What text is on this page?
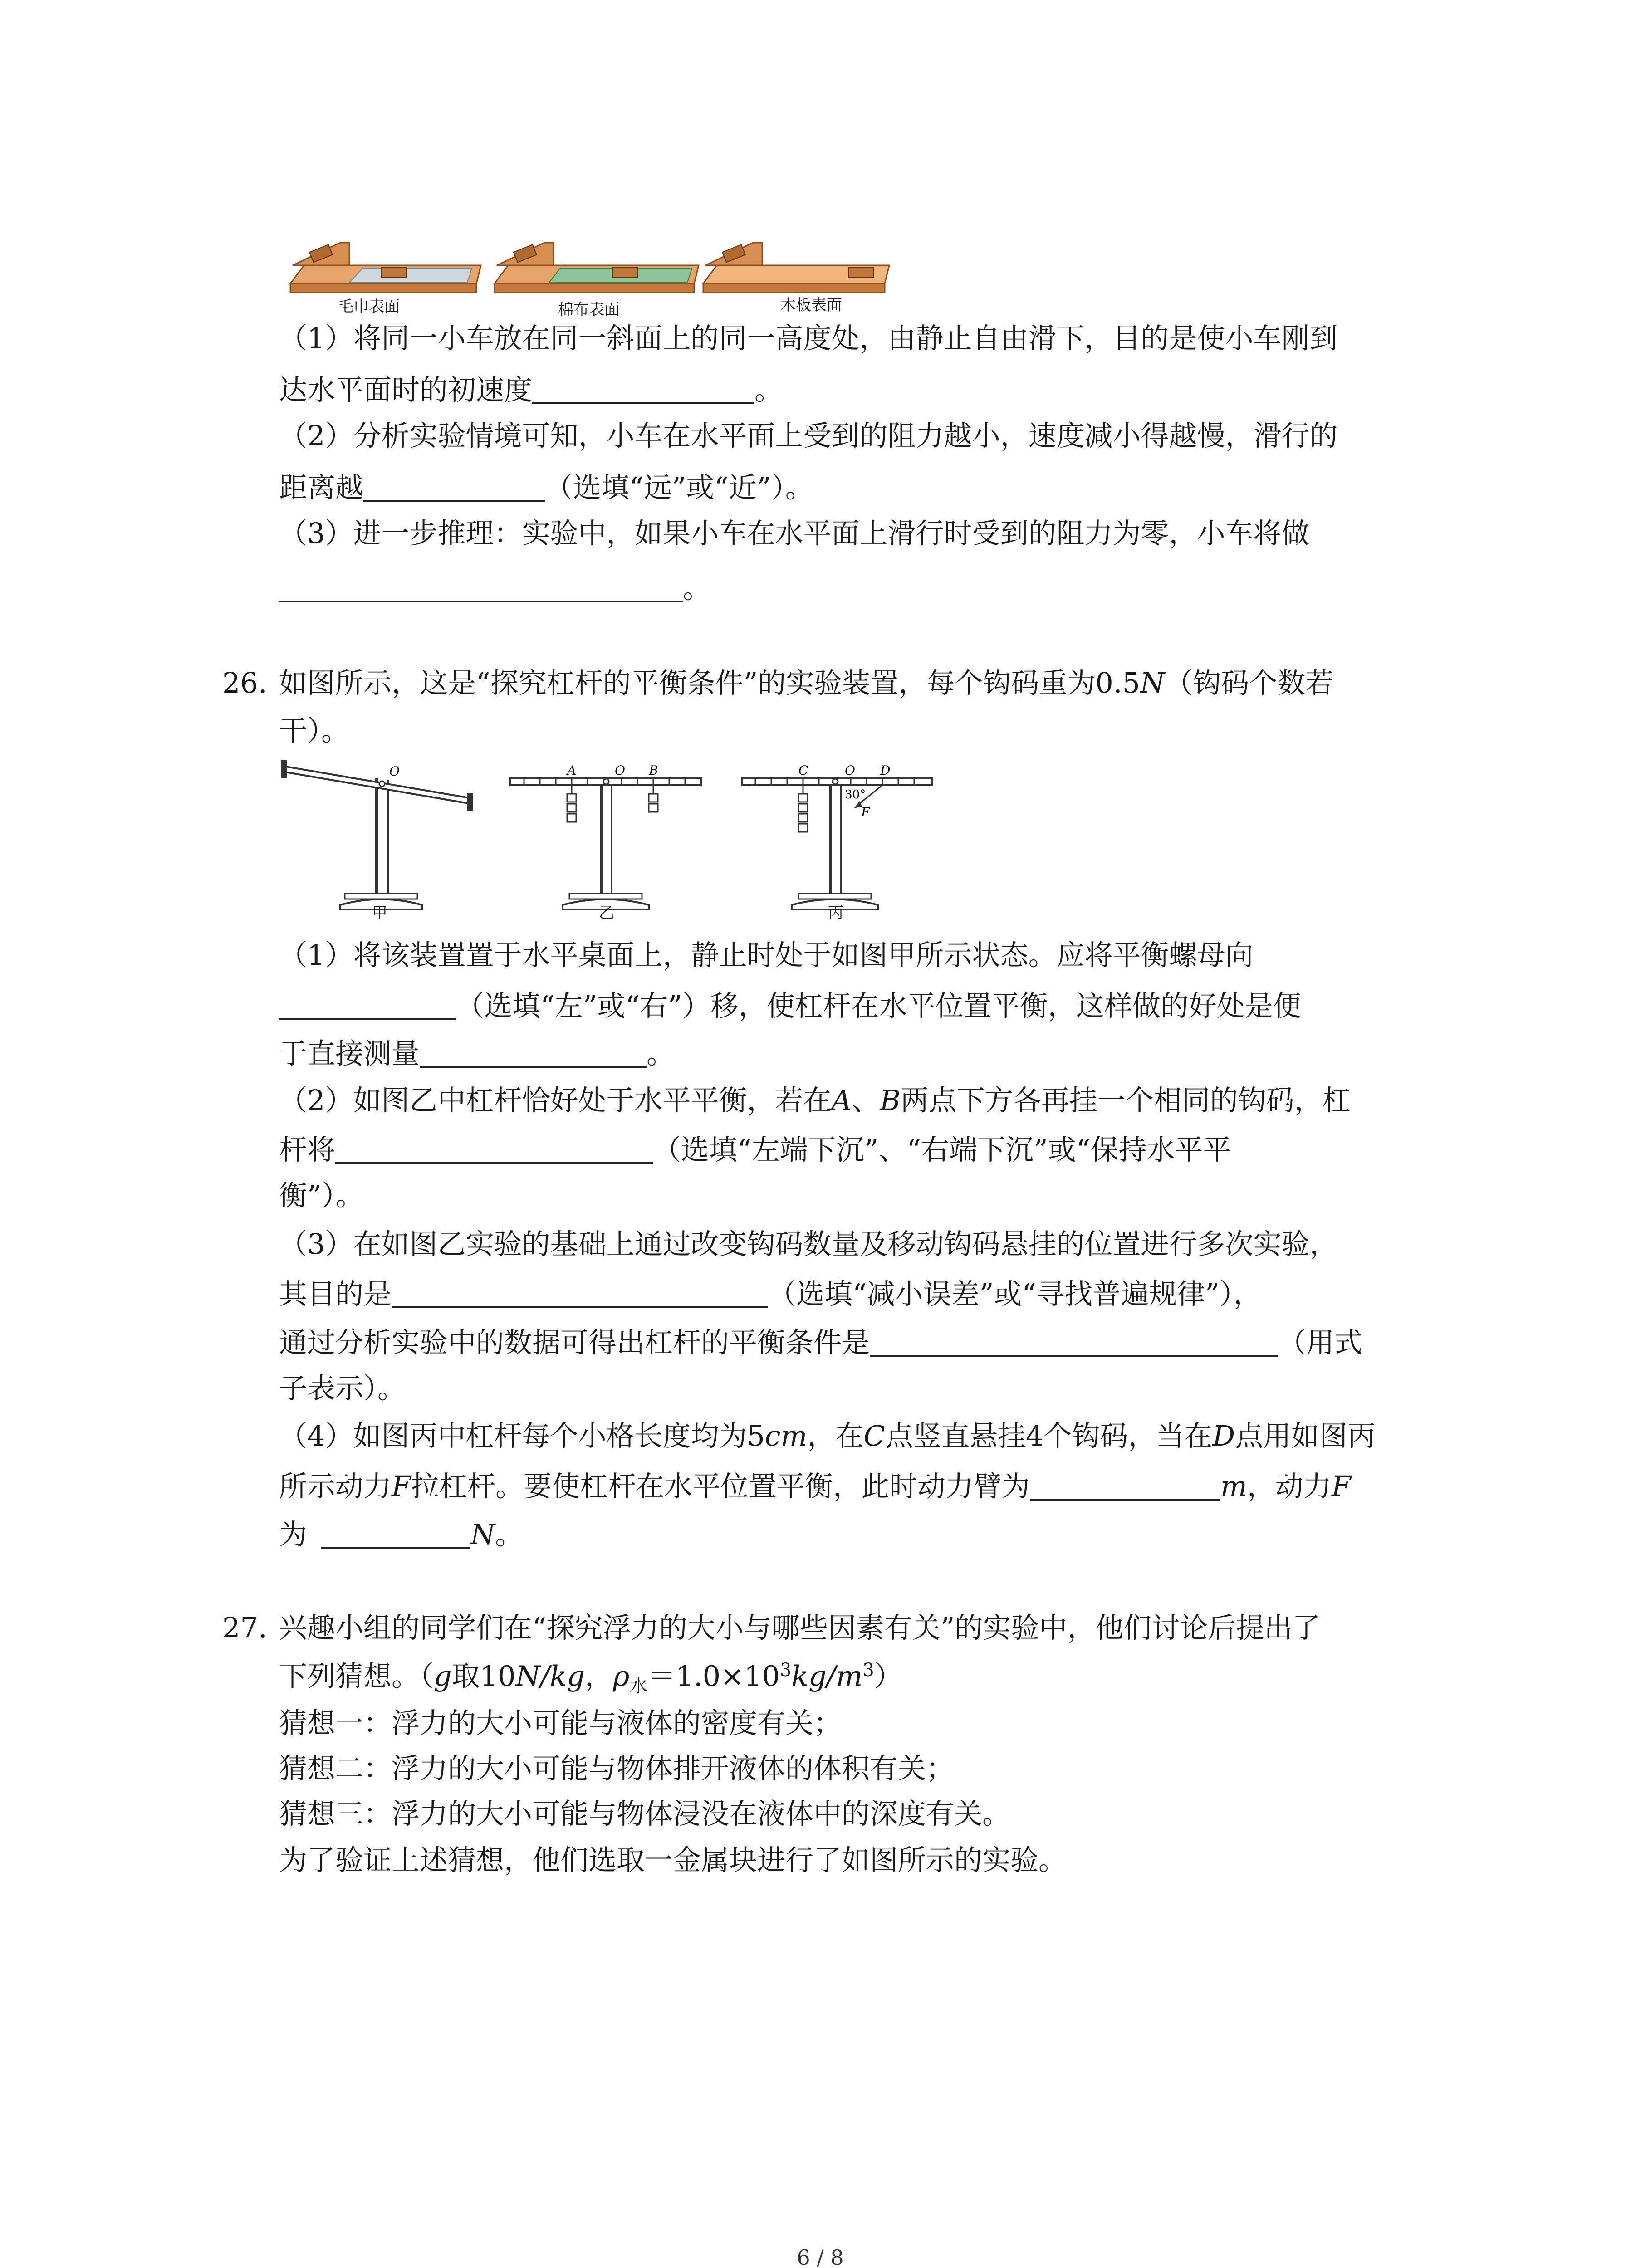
毛巾表面	棉布表面	木板表面
（1）将同一小车放在同一斜面上的同一高度处，由静止自由滑下，目的是使小车刚到
达水平面时的初速度	。
（2）分析实验情境可知，小车在水平面上受到的阻力越小，速度减小得越慢，滑行的
距离越	（选填“远”或“近”）。
（3）进一步推理：实验中，如果小车在水平面上滑行时受到的阻力为零，小车将做
。
26. 如图所示，这是“探究杠杆的平衡条件”的实验装置，每个钩码重为0.5N（钩码个数若
干）。
O	A	O B	C	O D
30°
F
甲	乙	丙
（1）将该装置置于水平桌面上，静止时处于如图甲所示状态。应将平衡螺母向
（选填“左”或“右”）移，使杠杆在水平位置平衡，这样做的好处是便
于直接测量	。
（2）如图乙中杠杆恰好处于水平平衡，若在A、B两点下方各再挂一个相同的钩码，杠
杆将	（选填“左端下沉”、“右端下沉”或“保持水平平
衡”）。
（3）在如图乙实验的基础上通过改变钩码数量及移动钩码悬挂的位置进行多次实验，
其目的是	（选填“减小误差”或“寻找普遍规律”），
通过分析实验中的数据可得出杠杆的平衡条件是	（用式
子表示）。
（4）如图丙中杠杆每个小格长度均为5cm，在C点竖直悬挂4个钩码，当在D点用如图丙
所示动力F拉杠杆。要使杠杆在水平位置平衡，此时动力臂为	m，动力F
为	N。
27. 兴趣小组的同学们在“探究浮力的大小与哪些因素有关”的实验中，他们讨论后提出了
下列猜想。（g取10N/kg，$\rho_水=1.0\times 10^3kg/m^3$）
猜想一：浮力的大小可能与液体的密度有关；
猜想二：浮力的大小可能与物体排开液体的体积有关；
猜想三：浮力的大小可能与物体浸没在液体中的深度有关。
为了验证上述猜想，他们选取一金属块进行了如图所示的实验。
6 / 8
